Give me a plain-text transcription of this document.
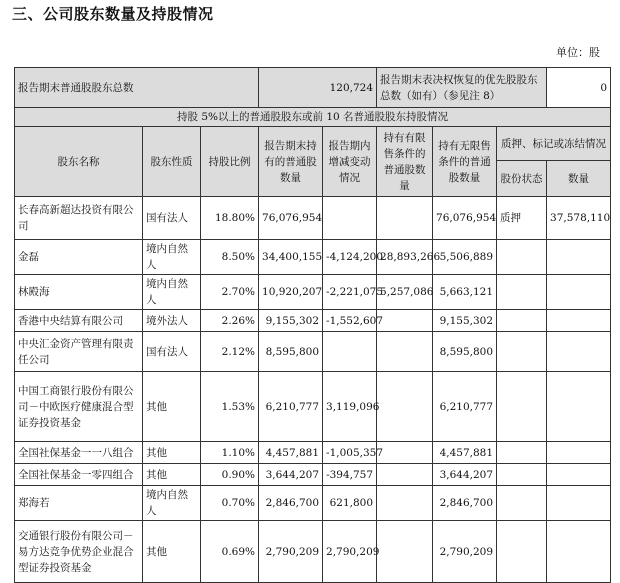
三、公司股东数量及持股情况
单位：股
报告期末普通股股东总数			120,724		报告期末表决权恢复的优先股股东总数（如有）（参见注 8）			0
持股 5%以上的普通股股东或前 10 名普通股股东持股情况								
股东名称	股东性质	持股比例	报告期末持有的普通股数量	报告期内增减变动情况	持有有限售条件的普通股数量	持有无限售条件的普通股数量	质押、标记或冻结情况	
							股份状态	数量
长春高新超达投资有限公司	国有法人	18.80%	76,076,954			76,076,954	质押	37,578,110
金磊	境内自然人	8.50%	34,400,155	-4,124,200	28,893,266	5,506,889		
林殿海	境内自然人	2.70%	10,920,207	-2,221,075	5,257,086	5,663,121		
香港中央结算有限公司	境外法人	2.26%	9,155,302	-1,552,607		9,155,302		
中央汇金资产管理有限责任公司	国有法人	2.12%	8,595,800			8,595,800		
中国工商银行股份有限公司－中欧医疗健康混合型证券投资基金	其他	1.53%	6,210,777	3,119,096		6,210,777		
全国社保基金一一八组合	其他	1.10%	4,457,881	-1,005,357		4,457,881		
全国社保基金一零四组合	其他	0.90%	3,644,207	-394,757		3,644,207		
郑海若	境内自然人	0.70%	2,846,700	621,800		2,846,700		
交通银行股份有限公司－易方达竞争优势企业混合型证券投资基金	其他	0.69%	2,790,209	2,790,209		2,790,209		
